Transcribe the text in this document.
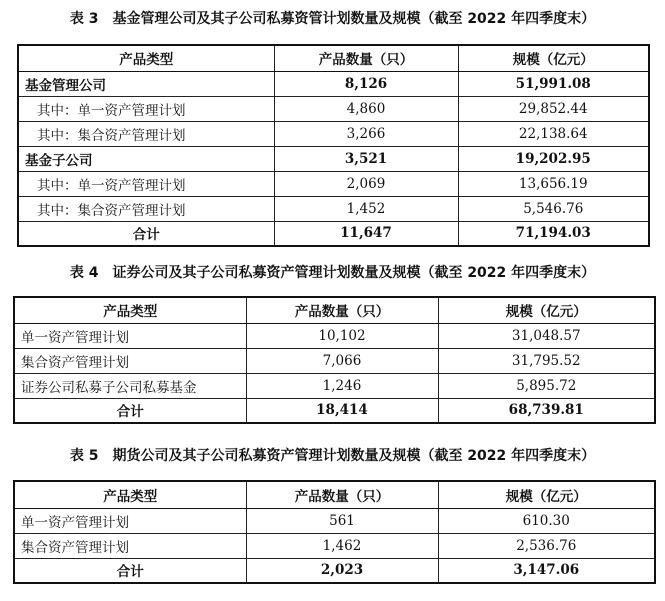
表 3　基金管理公司及其子公司私募资管计划数量及规模（截至 2022 年四季度末）
产品类型	产品数量（只）	规模（亿元）
基金管理公司	8,126	51,991.08
其中：单一资产管理计划	4,860	29,852.44
其中：集合资产管理计划	3,266	22,138.64
基金子公司	3,521	19,202.95
其中：单一资产管理计划	2,069	13,656.19
其中：集合资产管理计划	1,452	5,546.76
合计	11,647	71,194.03
表 4　证券公司及其子公司私募资产管理计划数量及规模（截至 2022 年四季度末）
产品类型	产品数量（只）	规模（亿元）
单一资产管理计划	10,102	31,048.57
集合资产管理计划	7,066	31,795.52
证券公司私募子公司私募基金	1,246	5,895.72
合计	18,414	68,739.81
表 5　期货公司及其子公司私募资产管理计划数量及规模（截至 2022 年四季度末）
产品类型	产品数量（只）	规模（亿元）
单一资产管理计划	561	610.30
集合资产管理计划	1,462	2,536.76
合计	2,023	3,147.06
